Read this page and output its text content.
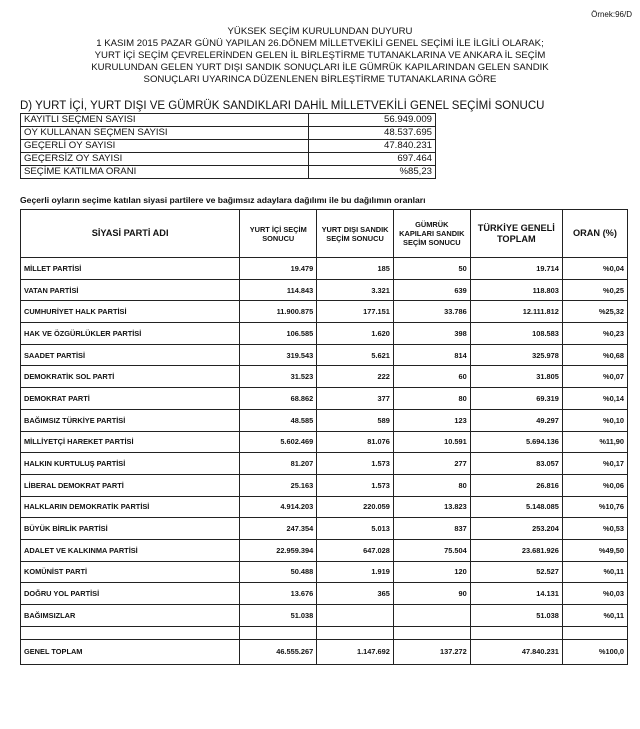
Örnek:96/D
YÜKSEK SEÇİM KURULUNDAN DUYURU
1 KASIM 2015 PAZAR GÜNÜ YAPILAN 26.DÖNEM MİLLETVEKİLİ GENEL SEÇİMİ İLE İLGİLİ OLARAK;
YURT İÇİ SEÇİM ÇEVRELERİNDEN GELEN İL BİRLEŞTİRME TUTANAKLARINA VE ANKARA İL SEÇİM
KURULUNDAN GELEN YURT DIŞI SANDIK SONUÇLARI İLE GÜMRÜK KAPILARINDAN GELEN SANDIK
SONUÇLARI UYARINCA DÜZENLENEN BİRLEŞTİRME TUTANAKLARINA GÖRE
D) YURT İÇİ, YURT DIŞI VE GÜMRÜK SANDIKLARI DAHİL MİLLETVEKİLİ GENEL SEÇİMİ SONUCU
KAYITLI SEÇMEN SAYISI	56.949.009
OY KULLANAN SEÇMEN SAYISI	48.537.695
GEÇERLİ OY SAYISI	47.840.231
GEÇERSİZ OY SAYISI	697.464
SEÇİME KATILMA ORANI	%85,23
Geçerli oyların seçime katılan siyasi partilere ve bağımsız adaylara dağılımı ile bu dağılımın oranları
SİYASİ PARTİ ADI	YURT İÇİ SEÇİM SONUCU	YURT DIŞI SANDIK SEÇİM SONUCU	GÜMRÜK KAPILARI SANDIK SEÇİM SONUCU	TÜRKİYE GENELİ TOPLAM	ORAN (%)
MİLLET PARTİSİ	19.479	185	50	19.714	%0,04
VATAN PARTİSİ	114.843	3.321	639	118.803	%0,25
CUMHURİYET HALK PARTİSİ	11.900.875	177.151	33.786	12.111.812	%25,32
HAK VE ÖZGÜRLÜKLER PARTİSİ	106.585	1.620	398	108.583	%0,23
SAADET PARTİSİ	319.543	5.621	814	325.978	%0,68
DEMOKRATİK SOL PARTİ	31.523	222	60	31.805	%0,07
DEMOKRAT PARTİ	68.862	377	80	69.319	%0,14
BAĞIMSIZ TÜRKİYE PARTİSİ	48.585	589	123	49.297	%0,10
MİLLİYETÇİ HAREKET PARTİSİ	5.602.469	81.076	10.591	5.694.136	%11,90
HALKIN KURTULUŞ PARTİSİ	81.207	1.573	277	83.057	%0,17
LİBERAL DEMOKRAT PARTİ	25.163	1.573	80	26.816	%0,06
HALKLARIN DEMOKRATİK PARTİSİ	4.914.203	220.059	13.823	5.148.085	%10,76
BÜYÜK BİRLİK PARTİSİ	247.354	5.013	837	253.204	%0,53
ADALET VE KALKINMA PARTİSİ	22.959.394	647.028	75.504	23.681.926	%49,50
KOMÜNİST PARTİ	50.488	1.919	120	52.527	%0,11
DOĞRU YOL PARTİSİ	13.676	365	90	14.131	%0,03
BAĞIMSIZLAR	51.038			51.038	%0,11

GENEL TOPLAM	46.555.267	1.147.692	137.272	47.840.231	%100,0
